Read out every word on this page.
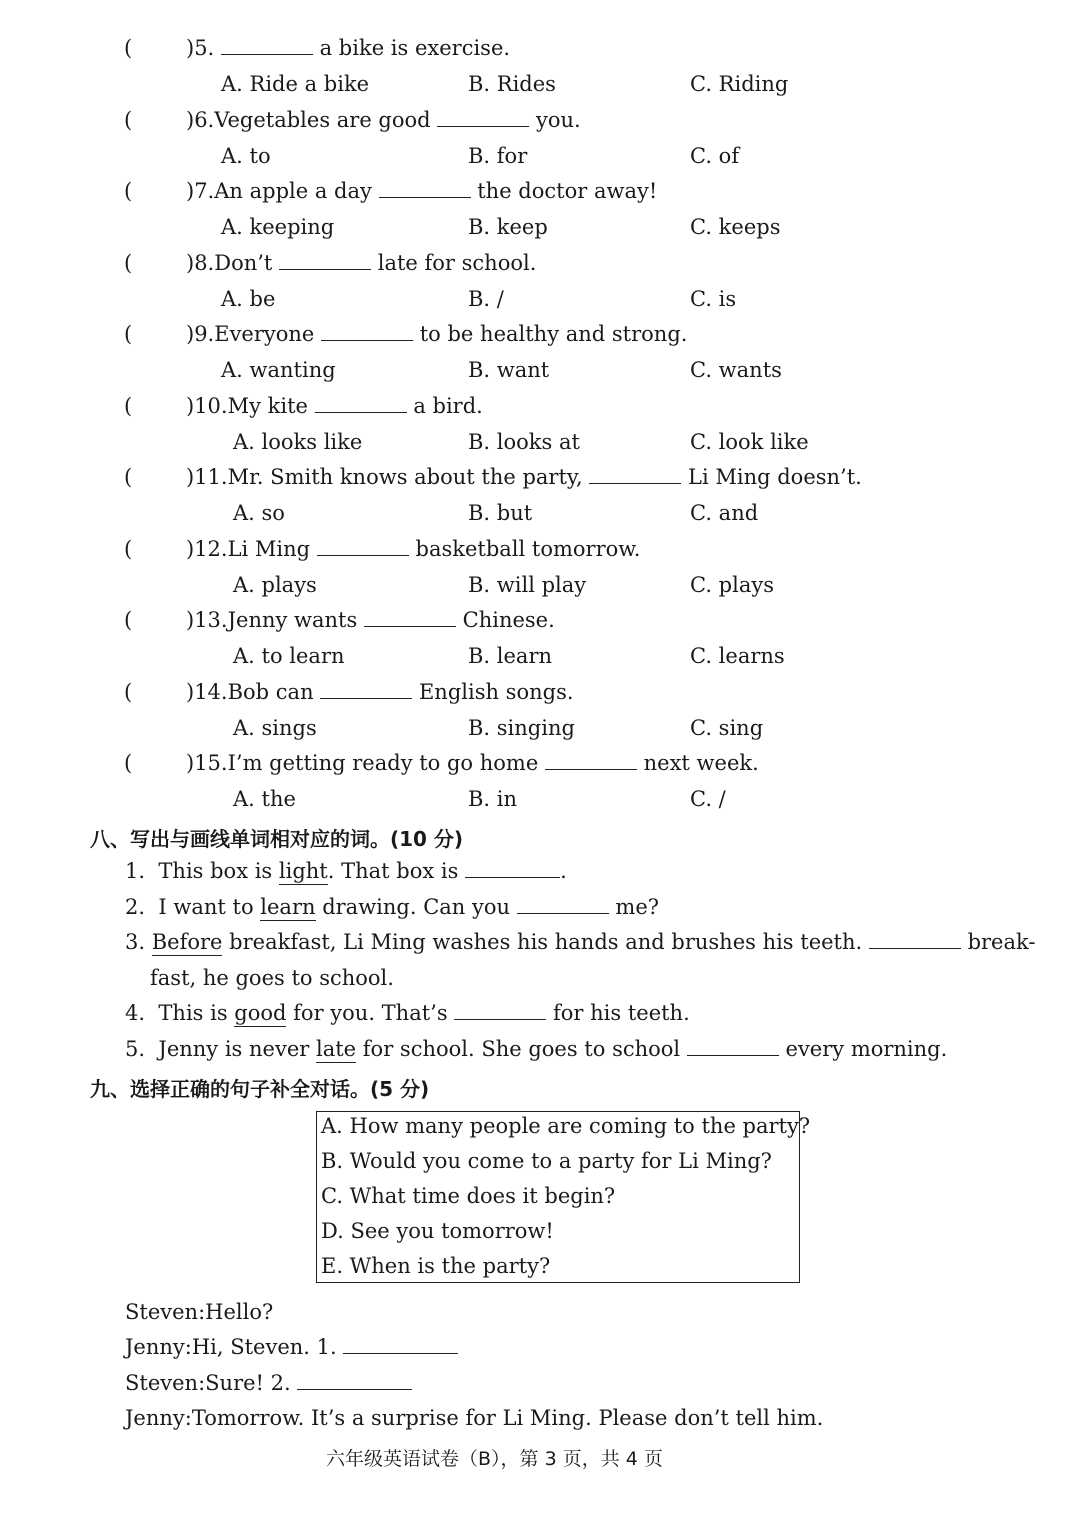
(	)5.	a bike is exercise.
A. Ride a bike	B. Rides	C. Riding
(	)6.Vegetables are good	you.
A. to	B. for	C. of
(	)7.An apple a day	the doctor away!
A. keeping	B. keep	C. keeps
(	)8.Don’t	late for school.
A. be	B. /	C. is
(	)9.Everyone	to be healthy and strong.
A. wanting	B. want	C. wants
(	)10.My kite	a bird.
A. looks like	B. looks at	C. look like
(	)11.Mr. Smith knows about the party,	Li Ming doesn’t.
A. so	B. but	C. and
(	)12.Li Ming	basketball tomorrow.
A. plays	B. will play	C. plays
(	)13.Jenny wants	Chinese.
A. to learn	B. learn	C. learns
(	)14.Bob can	English songs.
A. sings	B. singing	C. sing
(	)15.I’m getting ready to go home	next week.
A. the	B. in	C. /
八、写出与画线单词相对应的词。(10 分)
1. This box is light. That box is	.
2. I want to learn drawing. Can you	me?
3. Before breakfast, Li Ming washes his hands and brushes his teeth.	break-
fast, he goes to school.
4. This is good for you. That’s	for his teeth.
5. Jenny is never late for school. She goes to school	every morning.
九、选择正确的句子补全对话。(5 分)
A. How many people are coming to the party?
B. Would you come to a party for Li Ming?
C. What time does it begin?
D. See you tomorrow!
E. When is the party?
Steven:Hello?
Jenny:Hi, Steven. 1.
Steven:Sure! 2.
Jenny:Tomorrow. It’s a surprise for Li Ming. Please don’t tell him.
六年级英语试卷（B），第 3 页，共 4 页
